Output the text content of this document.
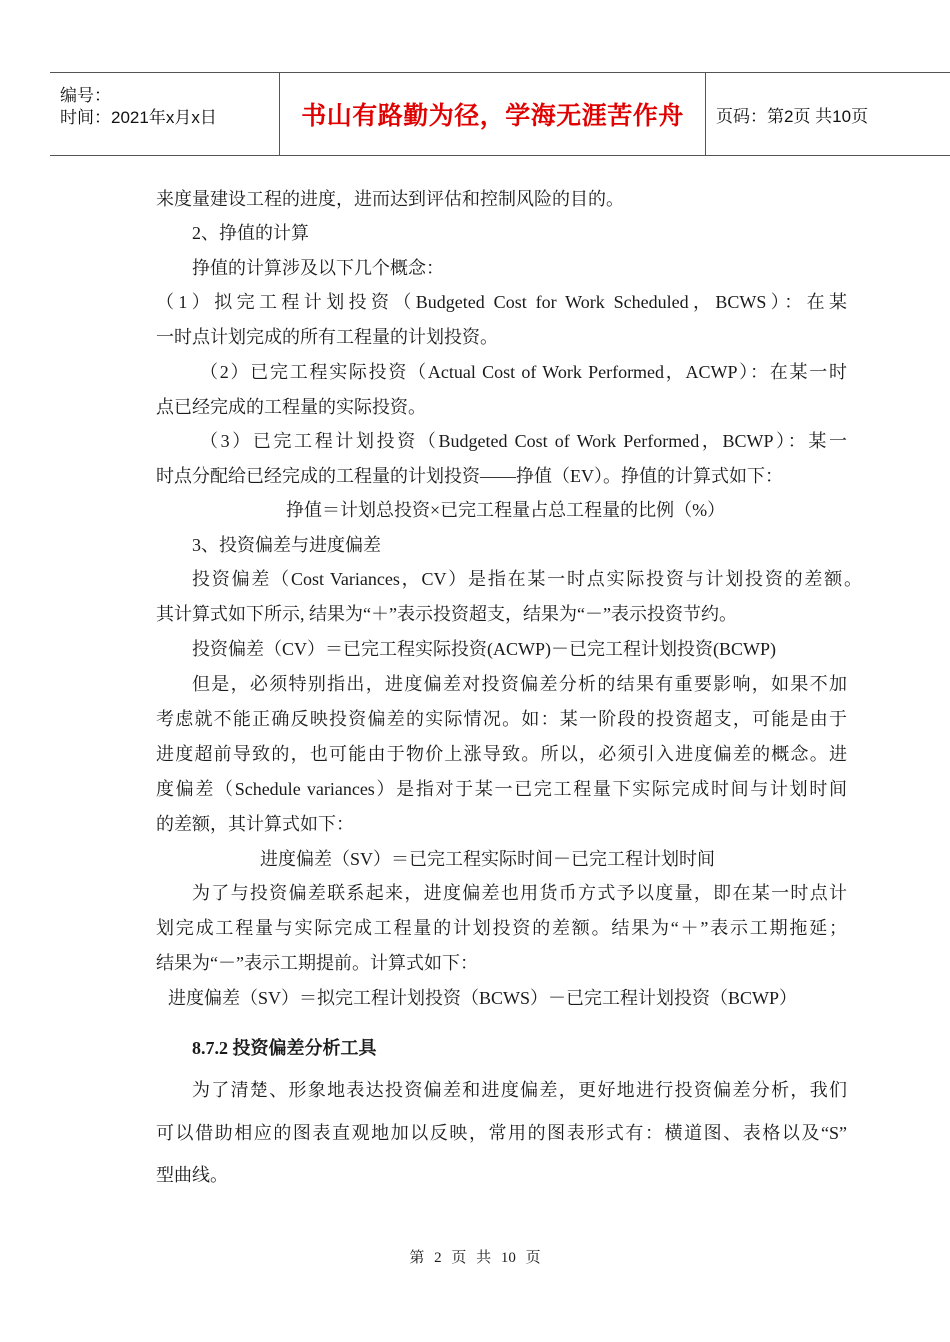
编号：
时间：2021年x月x日	书山有路勤为径，学海无涯苦作舟 页码：第2页 共10页
来度量建设工程的进度，进而达到评估和控制风险的目的。
2、挣值的计算
挣值的计算涉及以下几个概念：
（1）拟完工程计划投资（Budgeted Cost for Work Scheduled，BCWS）：在某
一时点计划完成的所有工程量的计划投资。
（2）已完工程实际投资（Actual Cost of Work Performed，ACWP）：在某一时
点已经完成的工程量的实际投资。
（3）已完工程计划投资（Budgeted Cost of Work Performed，BCWP）：某一
时点分配给已经完成的工程量的计划投资——挣值（EV）。挣值的计算式如下：
挣值＝计划总投资×已完工程量占总工程量的比例（%）
3、投资偏差与进度偏差
投资偏差（Cost Variances，CV）是指在某一时点实际投资与计划投资的差额。
其计算式如下所示, 结果为“＋”表示投资超支，结果为“－”表示投资节约。
投资偏差（CV）＝已完工程实际投资(ACWP)－已完工程计划投资(BCWP)
但是，必须特别指出，进度偏差对投资偏差分析的结果有重要影响，如果不加
考虑就不能正确反映投资偏差的实际情况。如：某一阶段的投资超支，可能是由于
进度超前导致的，也可能由于物价上涨导致。所以，必须引入进度偏差的概念。进
度偏差（Schedule variances）是指对于某一已完工程量下实际完成时间与计划时间
的差额，其计算式如下：
进度偏差（SV）＝已完工程实际时间－已完工程计划时间
为了与投资偏差联系起来，进度偏差也用货币方式予以度量，即在某一时点计
划完成工程量与实际完成工程量的计划投资的差额。结果为“＋”表示工期拖延；
结果为“－”表示工期提前。计算式如下：
进度偏差（SV）＝拟完工程计划投资（BCWS）－已完工程计划投资（BCWP）
8.7.2 投资偏差分析工具
为了清楚、形象地表达投资偏差和进度偏差，更好地进行投资偏差分析，我们
可以借助相应的图表直观地加以反映，常用的图表形式有：横道图、表格以及“S”
型曲线。
第 2 页 共 10 页
